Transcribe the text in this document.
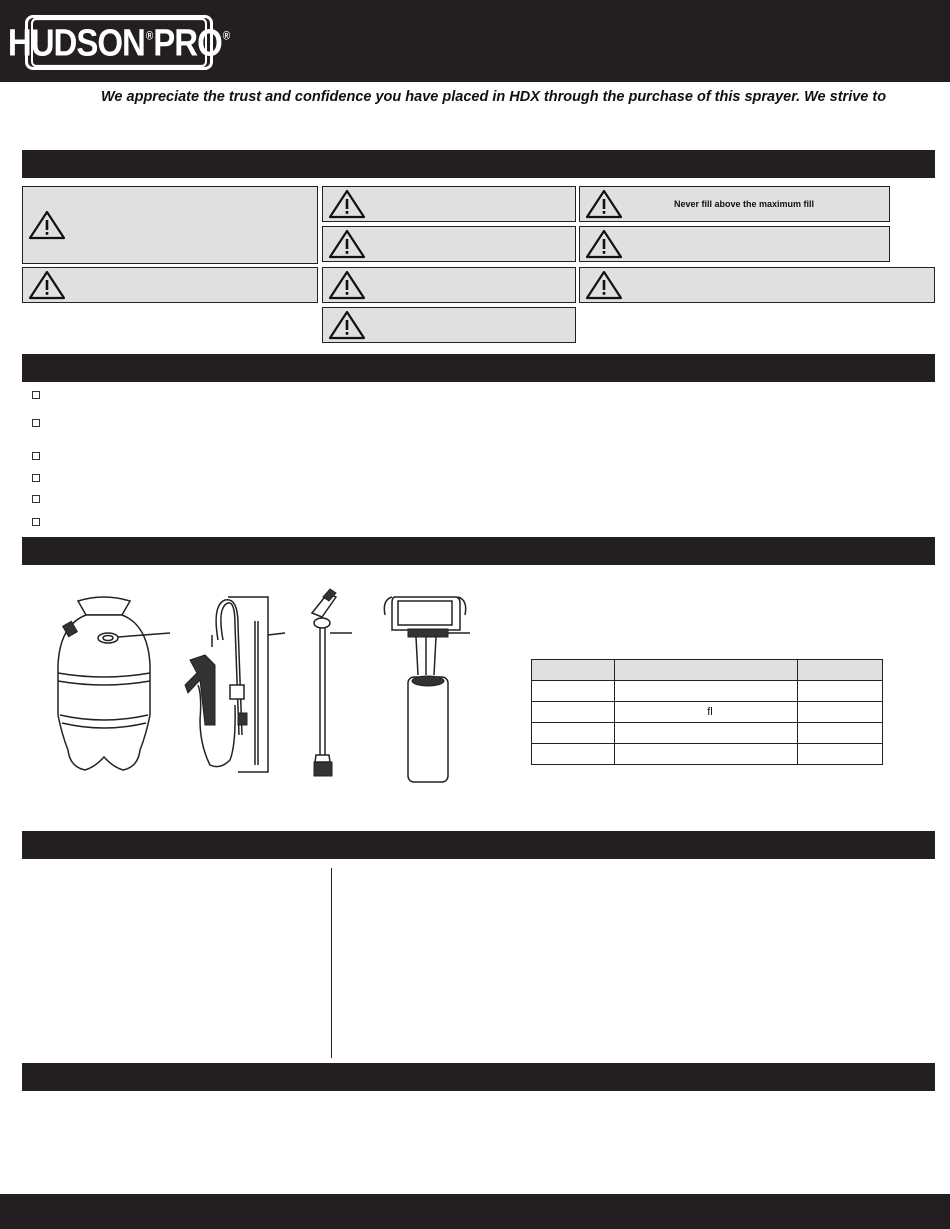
HUDSON® PRO®
We appreciate the trust and confidence you have placed in HDX through the purchase of this sprayer. We strive to
Never fill above the maximum fill

	fl	
